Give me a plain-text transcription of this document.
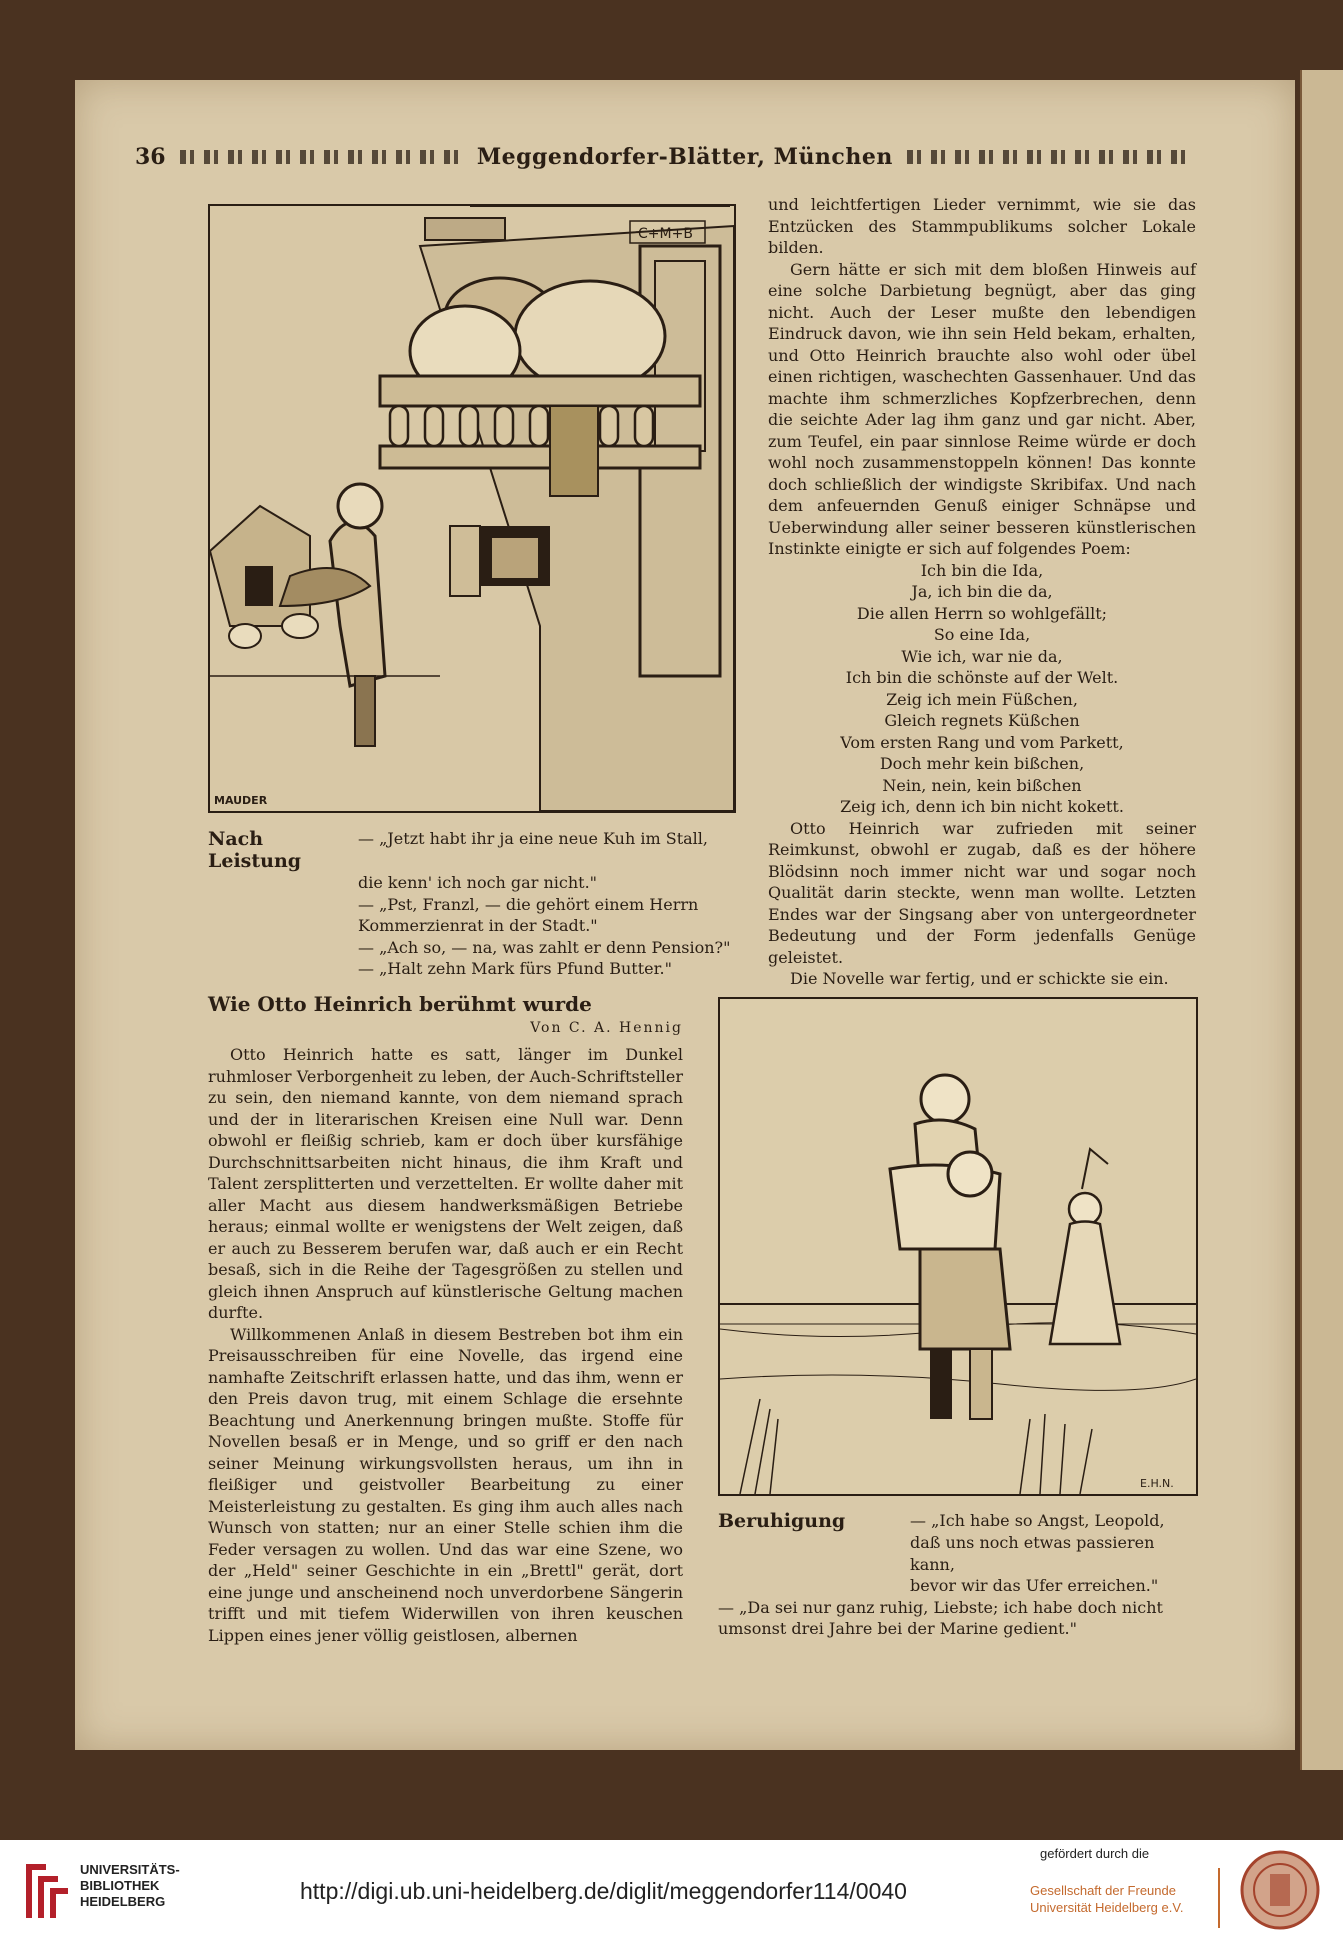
36	Meggendorfer-Blätter, München
C+M+B
MAUDER
Nach Leistung
— „Jetzt habt ihr ja eine neue Kuh im Stall,
die kenn' ich noch gar nicht."
— „Pst, Franzl, — die gehört einem Herrn
Kommerzienrat in der Stadt."
— „Ach so, — na, was zahlt er denn Pension?"
— „Halt zehn Mark fürs Pfund Butter."

und leichtfertigen Lieder vernimmt, wie sie das Entzücken des Stammpublikums solcher Lokale bilden.

Gern hätte er sich mit dem bloßen Hinweis auf eine solche Darbietung begnügt, aber das ging nicht. Auch der Leser mußte den lebendigen Eindruck davon, wie ihn sein Held bekam, erhalten, und Otto Heinrich brauchte also wohl oder übel einen richtigen, waschechten Gassenhauer. Und das machte ihm schmerzliches Kopfzerbrechen, denn die seichte Ader lag ihm ganz und gar nicht. Aber, zum Teufel, ein paar sinnlose Reime würde er doch wohl noch zusammenstoppeln können! Das konnte doch schließlich der windigste Skribifax. Und nach dem anfeuernden Genuß einiger Schnäpse und Ueberwindung aller seiner besseren künstlerischen Instinkte einigte er sich auf folgendes Poem:

Ich bin die Ida,
Ja, ich bin die da,
Die allen Herrn so wohlgefällt;
So eine Ida,
Wie ich, war nie da,
Ich bin die schönste auf der Welt.
Zeig ich mein Füßchen,
Gleich regnets Küßchen
Vom ersten Rang und vom Parkett,
Doch mehr kein bißchen,
Nein, nein, kein bißchen
Zeig ich, denn ich bin nicht kokett.

Otto Heinrich war zufrieden mit seiner Reimkunst, obwohl er zugab, daß es der höhere Blödsinn noch immer nicht war und sogar noch Qualität darin steckte, wenn man wollte. Letzten Endes war der Singsang aber von untergeordneter Bedeutung und der Form jedenfalls Genüge geleistet.

Die Novelle war fertig, und er schickte sie ein.

Wie Otto Heinrich berühmt wurde
Von C. A. Hennig

Otto Heinrich hatte es satt, länger im Dunkel ruhmloser Verborgenheit zu leben, der Auch-Schriftsteller zu sein, den niemand kannte, von dem niemand sprach und der in literarischen Kreisen eine Null war. Denn obwohl er fleißig schrieb, kam er doch über kursfähige Durchschnittsarbeiten nicht hinaus, die ihm Kraft und Talent zersplitterten und verzettelten. Er wollte daher mit aller Macht aus diesem handwerksmäßigen Betriebe heraus; einmal wollte er wenigstens der Welt zeigen, daß er auch zu Besserem berufen war, daß auch er ein Recht besaß, sich in die Reihe der Tagesgrößen zu stellen und gleich ihnen Anspruch auf künstlerische Geltung machen durfte.

Willkommenen Anlaß in diesem Bestreben bot ihm ein Preisausschreiben für eine Novelle, das irgend eine namhafte Zeitschrift erlassen hatte, und das ihm, wenn er den Preis davon trug, mit einem Schlage die ersehnte Beachtung und Anerkennung bringen mußte. Stoffe für Novellen besaß er in Menge, und so griff er den nach seiner Meinung wirkungsvollsten heraus, um ihn in fleißiger und geistvoller Bearbeitung zu einer Meisterleistung zu gestalten. Es ging ihm auch alles nach Wunsch von statten; nur an einer Stelle schien ihm die Feder versagen zu wollen. Und das war eine Szene, wo der „Held" seiner Geschichte in ein „Brettl" gerät, dort eine junge und anscheinend noch unverdorbene Sängerin trifft und mit tiefem Widerwillen von ihren keuschen Lippen eines jener völlig geistlosen, albernen

E.H.N.
Beruhigung	— „Ich habe so Angst, Leopold,
daß uns noch etwas passieren kann,
bevor wir das Ufer erreichen."
— „Da sei nur ganz ruhig, Liebste; ich habe doch nicht
umsonst drei Jahre bei der Marine gedient."
UNIVERSITÄTS-
BIBLIOTHEK
HEIDELBERG	http://digi.ub.uni-heidelberg.de/diglit/meggendorfer114/0040
gefördert durch die
Gesellschaft der Freunde
Universität Heidelberg e.V.
